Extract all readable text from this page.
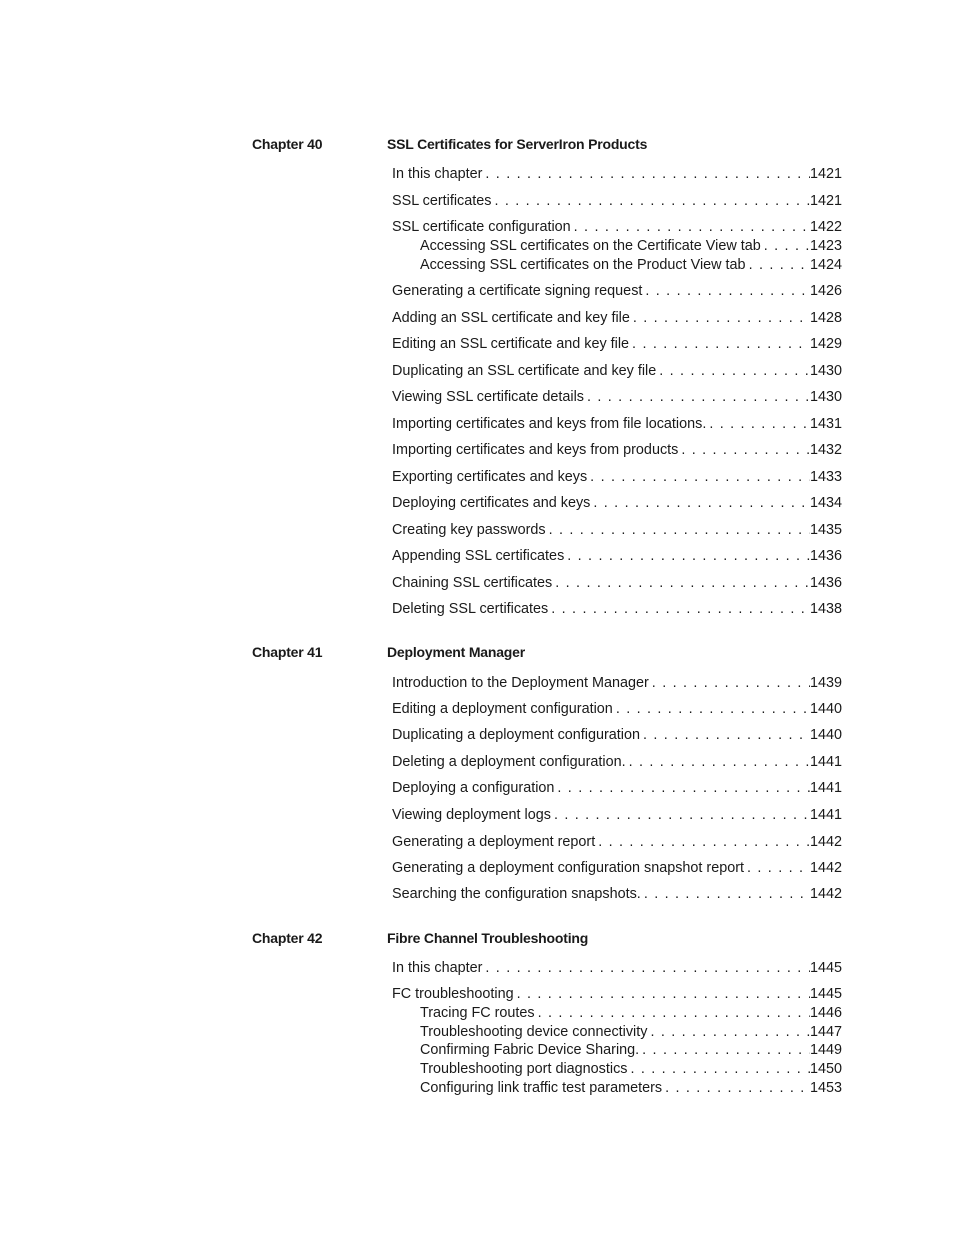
Chapter 40	SSL Certificates for ServerIron Products
In this chapter . . .	1421
SSL certificates . . .	1421
SSL certificate configuration . . .	1422
Accessing SSL certificates on the Certificate View tab . . .	1423
Accessing SSL certificates on the Product View tab . . .	1424
Generating a certificate signing request . . .	1426
Adding an SSL certificate and key file . . .	1428
Editing an SSL certificate and key file . . .	1429
Duplicating an SSL certificate and key file . . .	1430
Viewing SSL certificate details . . .	1430
Importing certificates and keys from file locations. . . .	1431
Importing certificates and keys from products . . .	1432
Exporting certificates and keys . . .	1433
Deploying certificates and keys . . .	1434
Creating key passwords . . .	1435
Appending SSL certificates . . .	1436
Chaining SSL certificates . . .	1436
Deleting SSL certificates . . .	1438
Chapter 41	Deployment Manager
Introduction to the Deployment Manager . . .	1439
Editing a deployment configuration . . .	1440
Duplicating a deployment configuration . . .	1440
Deleting a deployment configuration. . . .	1441
Deploying a configuration . . .	1441
Viewing deployment logs . . .	1441
Generating a deployment report . . .	1442
Generating a deployment configuration snapshot report . . .	1442
Searching the configuration snapshots. . . .	1442
Chapter 42	Fibre Channel Troubleshooting
In this chapter . . .	1445
FC troubleshooting . . .	1445
Tracing FC routes . . .	1446
Troubleshooting device connectivity . . .	1447
Confirming Fabric Device Sharing. . . .	1449
Troubleshooting port diagnostics . . .	1450
Configuring link traffic test parameters . . .	1453
